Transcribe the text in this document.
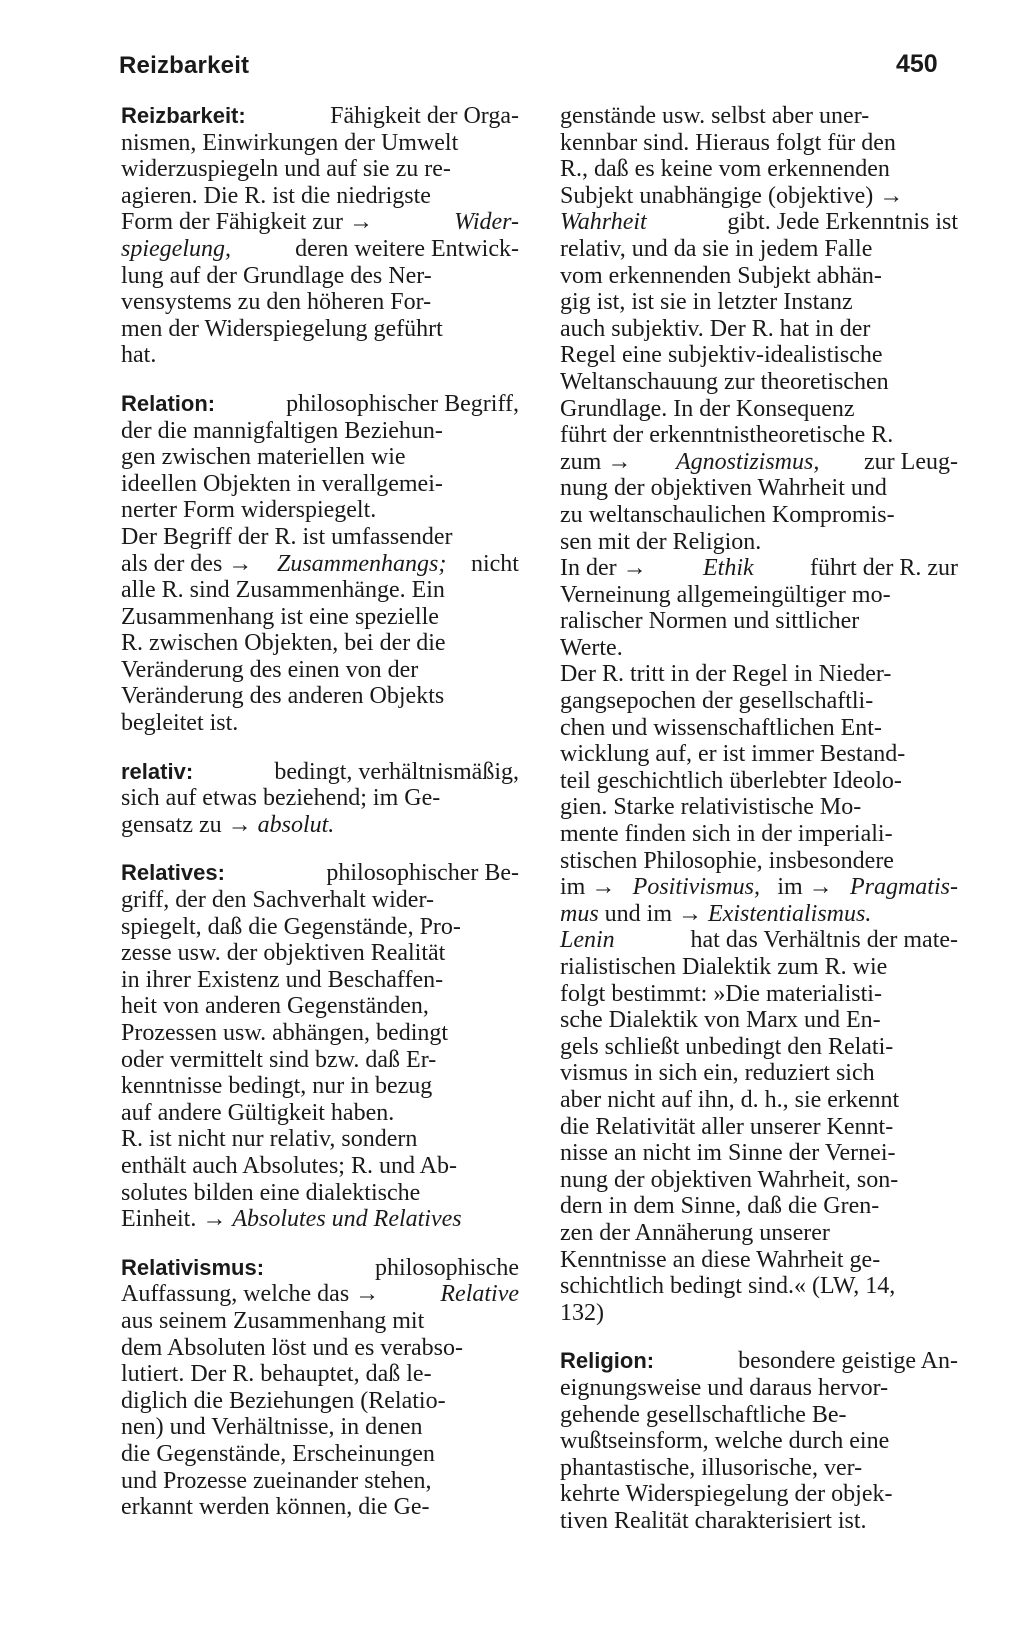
Reizbarkeit	450
Reizbarkeit:	Fähigkeit der Orga-
nismen, Einwirkungen der Umwelt
widerzuspiegeln und auf sie zu re-
agieren. Die R. ist die niedrigste
Form der Fähigkeit zur →	Wider-
spiegelung,	deren weitere Entwick-
lung auf der Grundlage des Ner-
vensystems zu den höheren For-
men der Widerspiegelung geführt
hat.
Relation:	philosophischer Begriff,
der die mannigfaltigen Beziehun-
gen zwischen materiellen wie
ideellen Objekten in verallgemei-
nerter Form widerspiegelt.
Der Begriff der R. ist umfassender
als der des → Zusammenhangs; nicht
alle R. sind Zusammenhänge. Ein
Zusammenhang ist eine spezielle
R. zwischen Objekten, bei der die
Veränderung des einen von der
Veränderung des anderen Objekts
begleitet ist.
relativ:	bedingt, verhältnismäßig,
sich auf etwas beziehend; im Ge-
gensatz zu → absolut.
Relatives:	philosophischer Be-
griff, der den Sachverhalt wider-
spiegelt, daß die Gegenstände, Pro-
zesse usw. der objektiven Realität
in ihrer Existenz und Beschaffen-
heit von anderen Gegenständen,
Prozessen usw. abhängen, bedingt
oder vermittelt sind bzw. daß Er-
kenntnisse bedingt, nur in bezug
auf andere Gültigkeit haben.
R. ist nicht nur relativ, sondern
enthält auch Absolutes; R. und Ab-
solutes bilden eine dialektische
Einheit. → Absolutes und Relatives
Relativismus:	philosophische
Auffassung, welche das →	Relative
aus seinem Zusammenhang mit
dem Absoluten löst und es verabso-
lutiert. Der R. behauptet, daß le-
diglich die Beziehungen (Relatio-
nen) und Verhältnisse, in denen
die Gegenstände, Erscheinungen
und Prozesse zueinander stehen,
erkannt werden können, die Ge-
genstände usw. selbst aber uner-
kennbar sind. Hieraus folgt für den
R., daß es keine vom erkennenden
Subjekt unabhängige (objektive) →
Wahrheit	gibt. Jede Erkenntnis ist
relativ, und da sie in jedem Falle
vom erkennenden Subjekt abhän-
gig ist, ist sie in letzter Instanz
auch subjektiv. Der R. hat in der
Regel eine subjektiv-idealistische
Weltanschauung zur theoretischen
Grundlage. In der Konsequenz
führt der erkenntnistheoretische R.
zum → Agnostizismus, zur Leug-
nung der objektiven Wahrheit und
zu weltanschaulichen Kompromis-
sen mit der Religion.
In der → Ethik führt der R. zur
Verneinung allgemeingültiger mo-
ralischer Normen und sittlicher
Werte.
Der R. tritt in der Regel in Nieder-
gangsepochen der gesellschaftli-
chen und wissenschaftlichen Ent-
wicklung auf, er ist immer Bestand-
teil geschichtlich überlebter Ideolo-
gien. Starke relativistische Mo-
mente finden sich in der imperiali-
stischen Philosophie, insbesondere
im → Positivismus, im → Pragmatis-
mus und im → Existentialismus.
Lenin	hat das Verhältnis der mate-
rialistischen Dialektik zum R. wie
folgt bestimmt: »Die materialisti-
sche Dialektik von Marx und En-
gels schließt unbedingt den Relati-
vismus in sich ein, reduziert sich
aber nicht auf ihn, d. h., sie erkennt
die Relativität aller unserer Kennt-
nisse an nicht im Sinne der Vernei-
nung der objektiven Wahrheit, son-
dern in dem Sinne, daß die Gren-
zen der Annäherung unserer
Kenntnisse an diese Wahrheit ge-
schichtlich bedingt sind.« (LW, 14,
132)
Religion:	besondere geistige An-
eignungsweise und daraus hervor-
gehende gesellschaftliche Be-
wußtseinsform, welche durch eine
phantastische, illusorische, ver-
kehrte Widerspiegelung der objek-
tiven Realität charakterisiert ist.
